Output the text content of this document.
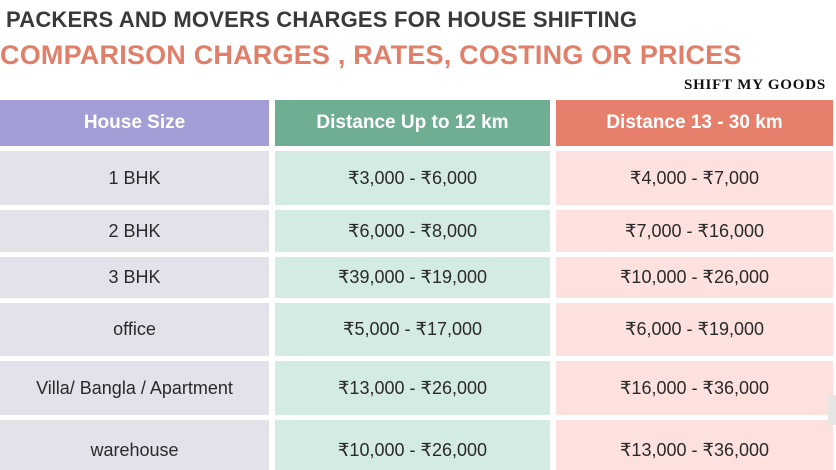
PACKERS AND MOVERS CHARGES FOR HOUSE SHIFTING
COMPARISON CHARGES , RATES, COSTING OR PRICES
SHIFT MY GOODS
House Size	Distance Up to 12 km	Distance 13 - 30 km
1 BHK	₹3,000 - ₹6,000	₹4,000 - ₹7,000
2 BHK	₹6,000 - ₹8,000	₹7,000 - ₹16,000
3 BHK	₹39,000 - ₹19,000	₹10,000 - ₹26,000
office	₹5,000 - ₹17,000	₹6,000 - ₹19,000
Villa/ Bangla / Apartment	₹13,000 - ₹26,000	₹16,000 - ₹36,000
warehouse	₹10,000 - ₹26,000	₹13,000 - ₹36,000
